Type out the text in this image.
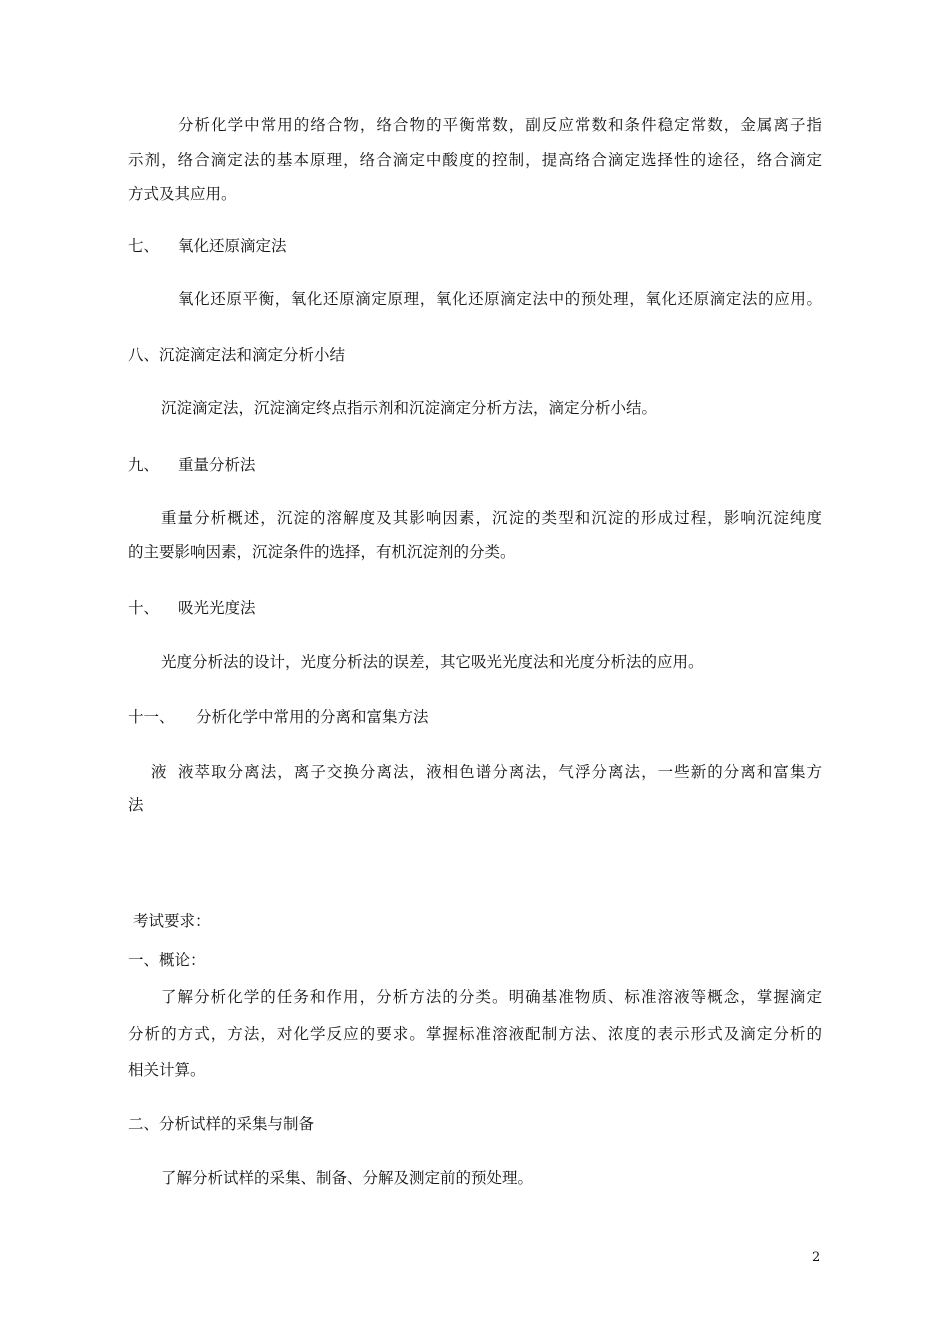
分析化学中常用的络合物，络合物的平衡常数，副反应常数和条件稳定常数，金属离子指
示剂，络合滴定法的基本原理，络合滴定中酸度的控制，提高络合滴定选择性的途径，络合滴定
方式及其应用。
七、 氧化还原滴定法
氧化还原平衡，氧化还原滴定原理，氧化还原滴定法中的预处理，氧化还原滴定法的应用。
八、沉淀滴定法和滴定分析小结
沉淀滴定法，沉淀滴定终点指示剂和沉淀滴定分析方法，滴定分析小结。
九、 重量分析法
重量分析概述，沉淀的溶解度及其影响因素，沉淀的类型和沉淀的形成过程，影响沉淀纯度
的主要影响因素，沉淀条件的选择，有机沉淀剂的分类。
十、 吸光光度法
光度分析法的设计，光度分析法的误差，其它吸光光度法和光度分析法的应用。
十一、 分析化学中常用的分离和富集方法
液 液萃取分离法，离子交换分离法，液相色谱分离法，气浮分离法，一些新的分离和富集方
法
考试要求：
一、概论：
了解分析化学的任务和作用，分析方法的分类。明确基准物质、标准溶液等概念，掌握滴定
分析的方式，方法，对化学反应的要求。掌握标准溶液配制方法、浓度的表示形式及滴定分析的
相关计算。
二、分析试样的采集与制备
了解分析试样的采集、制备、分解及测定前的预处理。
2
